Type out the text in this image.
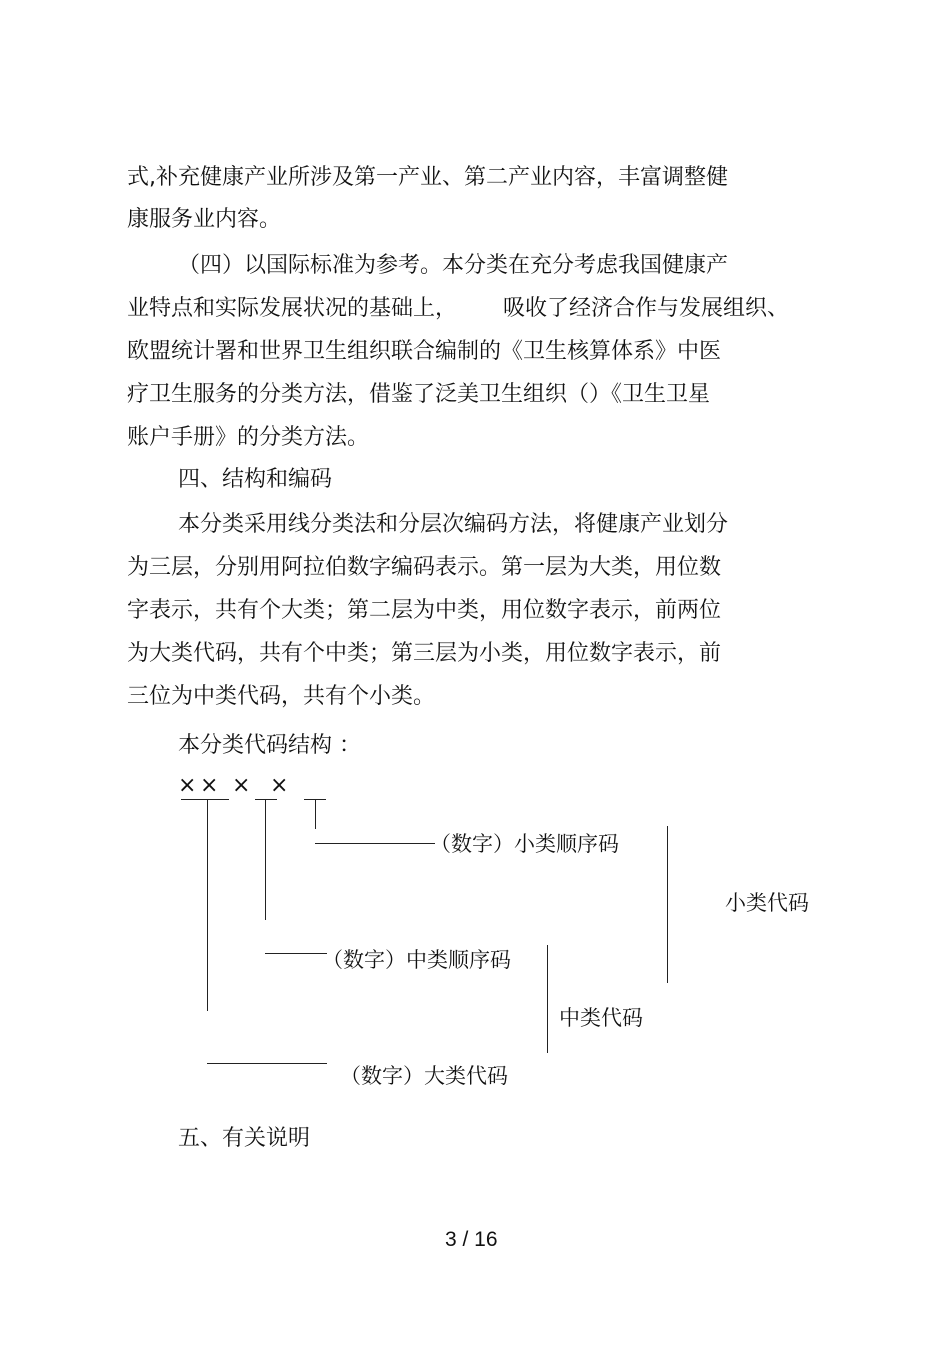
式,补充健康产业所涉及第一产业、第二产业内容，丰富调整健
康服务业内容。
（四）以国际标准为参考。本分类在充分考虑我国健康产
业特点和实际发展状况的基础上， 吸收了经济合作与发展组织、
欧盟统计署和世界卫生组织联合编制的《卫生核算体系》中医
疗卫生服务的分类方法，借鉴了泛美卫生组织（）《卫生卫星
账户手册》的分类方法。
四、结构和编码
本分类采用线分类法和分层次编码方法，将健康产业划分
为三层，分别用阿拉伯数字编码表示。第一层为大类，用位数
字表示，共有个大类；第二层为中类，用位数字表示，前两位
为大类代码，共有个中类；第三层为小类，用位数字表示，前
三位为中类代码，共有个小类。
本分类代码结构 ：
× × × ×
（数字）小类顺序码
小类代码
（数字）中类顺序码
中类代码
（数字）大类代码
五、有关说明
3 / 16
